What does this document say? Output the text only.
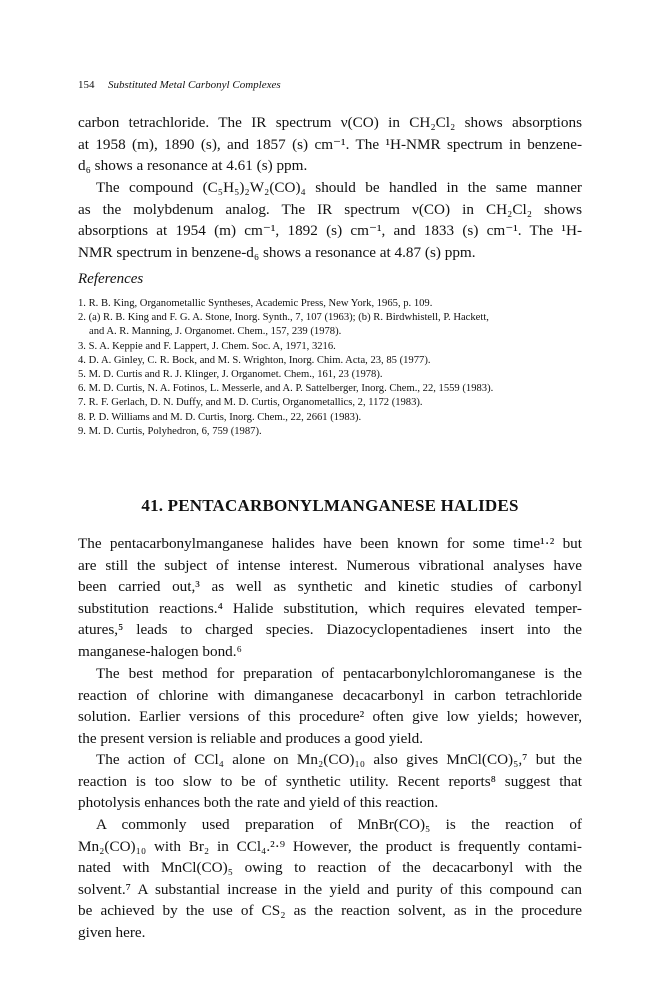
154 Substituted Metal Carbonyl Complexes

carbon tetrachloride. The IR spectrum ν(CO) in CH₂Cl₂ shows absorptions
at 1958 (m), 1890 (s), and 1857 (s) cm⁻¹. The ¹H-NMR spectrum in benzene-
d₆ shows a resonance at 4.61 (s) ppm.

The compound (C₅H₅)₂W₂(CO)₄ should be handled in the same manner
as the molybdenum analog. The IR spectrum ν(CO) in CH₂Cl₂ shows
absorptions at 1954 (m) cm⁻¹, 1892 (s) cm⁻¹, and 1833 (s) cm⁻¹. The ¹H-
NMR spectrum in benzene-d₆ shows a resonance at 4.87 (s) ppm.

References
1. R. B. King, Organometallic Syntheses, Academic Press, New York, 1965, p. 109.
2. (a) R. B. King and F. G. A. Stone, Inorg. Synth., 7, 107 (1963); (b) R. Birdwhistell, P. Hackett,
and A. R. Manning, J. Organomet. Chem., 157, 239 (1978).
3. S. A. Keppie and F. Lappert, J. Chem. Soc. A, 1971, 3216.
4. D. A. Ginley, C. R. Bock, and M. S. Wrighton, Inorg. Chim. Acta, 23, 85 (1977).
5. M. D. Curtis and R. J. Klinger, J. Organomet. Chem., 161, 23 (1978).
6. M. D. Curtis, N. A. Fotinos, L. Messerle, and A. P. Sattelberger, Inorg. Chem., 22, 1559 (1983).
7. R. F. Gerlach, D. N. Duffy, and M. D. Curtis, Organometallics, 2, 1172 (1983).
8. P. D. Williams and M. D. Curtis, Inorg. Chem., 22, 2661 (1983).
9. M. D. Curtis, Polyhedron, 6, 759 (1987).
41. PENTACARBONYLMANGANESE HALIDES

The pentacarbonylmanganese halides have been known for some time¹·² but
are still the subject of intense interest. Numerous vibrational analyses have
been carried out,³ as well as synthetic and kinetic studies of carbonyl
substitution reactions.⁴ Halide substitution, which requires elevated temper-
atures,⁵ leads to charged species. Diazocyclopentadienes insert into the
manganese-halogen bond.⁶

The best method for preparation of pentacarbonylchloromanganese is the
reaction of chlorine with dimanganese decacarbonyl in carbon tetrachloride
solution. Earlier versions of this procedure² often give low yields; however,
the present version is reliable and produces a good yield.

The action of CCl₄ alone on Mn₂(CO)₁₀ also gives MnCl(CO)₅,⁷ but the
reaction is too slow to be of synthetic utility. Recent reports⁸ suggest that
photolysis enhances both the rate and yield of this reaction.

A commonly used preparation of MnBr(CO)₅ is the reaction of
Mn₂(CO)₁₀ with Br₂ in CCl₄.²·⁹ However, the product is frequently contami-
nated with MnCl(CO)₅ owing to reaction of the decacarbonyl with the
solvent.⁷ A substantial increase in the yield and purity of this compound can
be achieved by the use of CS₂ as the reaction solvent, as in the procedure
given here.
